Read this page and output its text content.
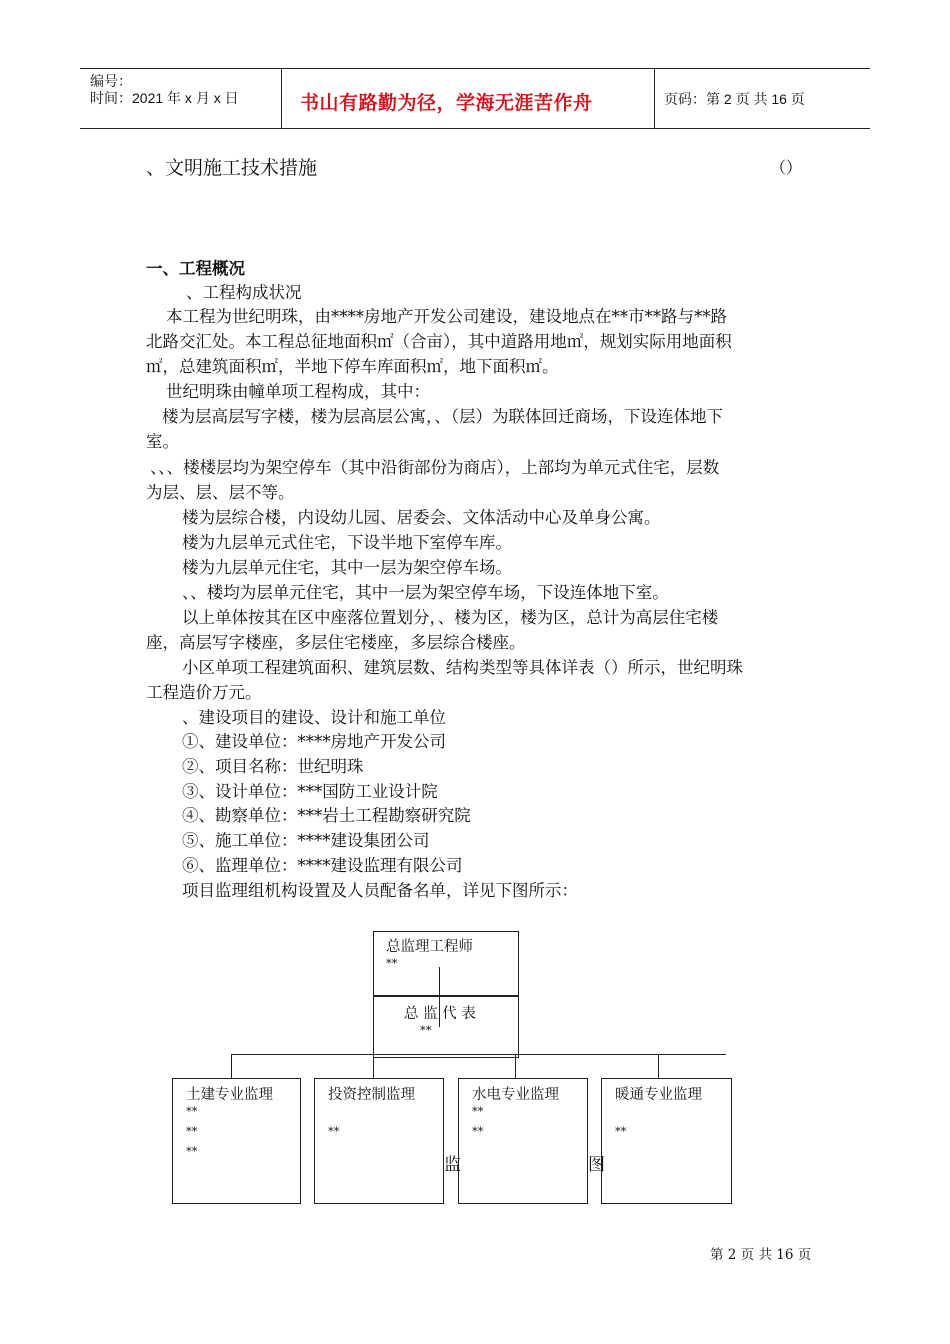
编号：
时间：2021 年 x 月 x 日	书山有路勤为径，学海无涯苦作舟	页码：第 2 页 共 16 页
、文明施工技术措施	（）
一、工程概况
、工程构成状况
本工程为世纪明珠，由****房地产开发公司建设，建设地点在**市**路与**路
北路交汇处。本工程总征地面积㎡（合亩），其中道路用地㎡，规划实际用地面积
㎡，总建筑面积㎡，半地下停车库面积㎡，地下面积㎡。
世纪明珠由幢单项工程构成，其中：
楼为层高层写字楼，楼为层高层公寓，、（层）为联体回迁商场，下设连体地下
室。
、、、楼楼层均为架空停车（其中沿街部份为商店），上部均为单元式住宅，层数
为层、层、层不等。
楼为层综合楼，内设幼儿园、居委会、文体活动中心及单身公寓。
楼为九层单元式住宅，下设半地下室停车库。
楼为九层单元住宅，其中一层为架空停车场。
、、楼均为层单元住宅，其中一层为架空停车场，下设连体地下室。
以上单体按其在区中座落位置划分，、楼为区，楼为区，总计为高层住宅楼
座，高层写字楼座，多层住宅楼座，多层综合楼座。
小区单项工程建筑面积、建筑层数、结构类型等具体详表（）所示，世纪明珠
工程造价万元。
、建设项目的建设、设计和施工单位
①、建设单位：****房地产开发公司
②、项目名称：世纪明珠
③、设计单位：***国防工业设计院
④、勘察单位：***岩土工程勘察研究院
⑤、施工单位：****建设集团公司
⑥、监理单位：****建设监理有限公司
项目监理组机构设置及人员配备名单，详见下图所示：
总监理工程师
**
总 监 代 表
**
土建专业监理
**
**
**
投资控制监理
**
水电专业监理
**
**
暖通专业监理
**
监	图
第 2 页 共 16 页
